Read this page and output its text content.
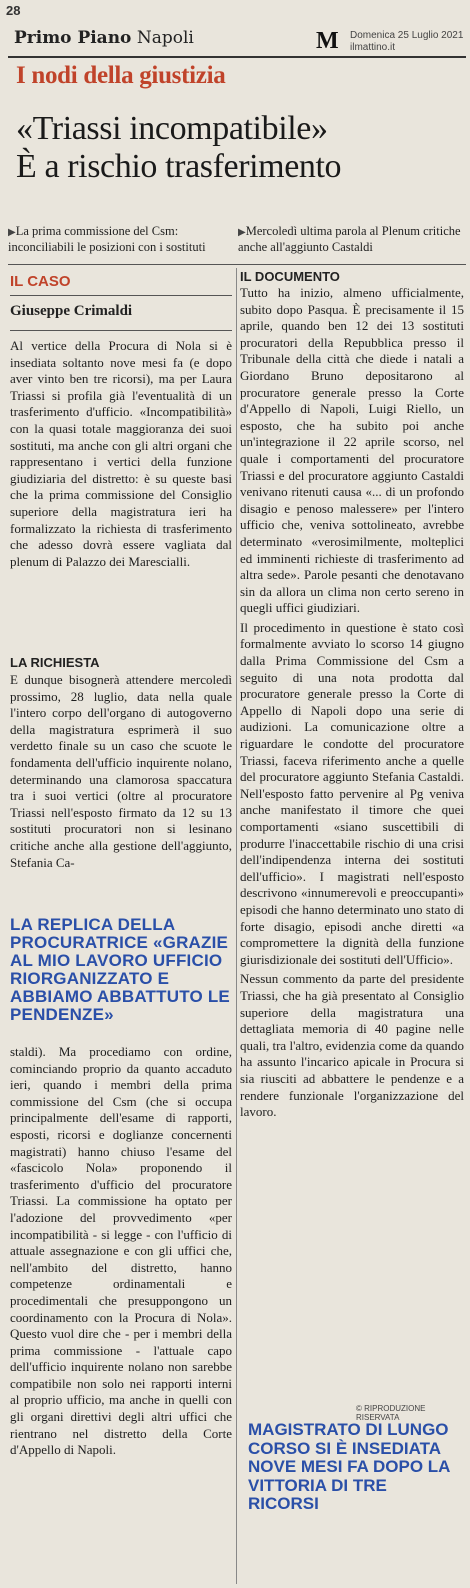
28
Primo Piano Napoli	M	Domenica 25 Luglio 2021
ilmattino.it
I nodi della giustizia
«Triassi incompatibile»
È a rischio trasferimento
▶La prima commissione del Csm: inconciliabili le posizioni con i sostituti
▶Mercoledì ultima parola al Plenum critiche anche all'aggiunto Castaldi
IL CASO
Giuseppe Crimaldi

Al vertice della Procura di Nola si è insediata soltanto nove mesi fa (e dopo aver vinto ben tre ricorsi), ma per Laura Triassi si profila già l'eventualità di un trasferimento d'ufficio. «Incompatibilità» con la quasi totale maggioranza dei suoi sostituti, ma anche con gli altri organi che rappresentano i vertici della funzione giudiziaria del distretto: è su queste basi che la prima commissione del Consiglio superiore della magistratura ieri ha formalizzato la richiesta di trasferimento che adesso dovrà essere vagliata dal plenum di Palazzo dei Marescialli.

LA RICHIESTA

E dunque bisognerà attendere mercoledì prossimo, 28 luglio, data nella quale l'intero corpo dell'organo di autogoverno della magistratura esprimerà il suo verdetto finale su un caso che scuote le fondamenta dell'ufficio inquirente nolano, determinando una clamorosa spaccatura tra i suoi vertici (oltre al procuratore Triassi nell'esposto firmato da 12 su 13 sostituti procuratori non si lesinano critiche anche alla gestione dell'aggiunto, Stefania Ca-

LA REPLICA DELLA PROCURATRICE «GRAZIE AL MIO LAVORO UFFICIO RIORGANIZZATO E ABBIAMO ABBATTUTO LE PENDENZE»

staldi). Ma procediamo con ordine, cominciando proprio da quanto accaduto ieri, quando i membri della prima commissione del Csm (che si occupa principalmente dell'esame di rapporti, esposti, ricorsi e doglianze concernenti magistrati) hanno chiuso l'esame del «fascicolo Nola» proponendo il trasferimento d'ufficio del procuratore Triassi. La commissione ha optato per l'adozione del provvedimento «per incompatibilità - si legge - con l'ufficio di attuale assegnazione e con gli uffici che, nell'ambito del distretto, hanno competenze ordinamentali e procedimentali che presuppongono un coordinamento con la Procura di Nola». Questo vuol dire che - per i membri della prima commissione - l'attuale capo dell'ufficio inquirente nolano non sarebbe compatibile non solo nei rapporti interni al proprio ufficio, ma anche in quelli con gli organi direttivi degli altri uffici che rientrano nel distretto della Corte d'Appello di Napoli.

IL DOCUMENTO

Tutto ha inizio, almeno ufficialmente, subito dopo Pasqua. È precisamente il 15 aprile, quando ben 12 dei 13 sostituti procuratori della Repubblica presso il Tribunale della città che diede i natali a Giordano Bruno depositarono al procuratore generale presso la Corte d'Appello di Napoli, Luigi Riello, un esposto, che ha subito poi anche un'integrazione il 22 aprile scorso, nel quale i comportamenti del procuratore Triassi e del procuratore aggiunto Castaldi venivano ritenuti causa «... di un profondo disagio e penoso malessere» per l'intero ufficio che, veniva sottolineato, avrebbe determinato «verosimilmente, molteplici ed imminenti richieste di trasferimento ad altra sede». Parole pesanti che denotavano sin da allora un clima non certo sereno in quegli uffici giudiziari.

Il procedimento in questione è stato così formalmente avviato lo scorso 14 giugno dalla Prima Commissione del Csm a seguito di una nota prodotta dal procuratore generale presso la Corte di Appello di Napoli dopo una serie di audizioni. La comunicazione oltre a riguardare le condotte del procuratore Triassi, faceva riferimento anche a quelle del procuratore aggiunto Stefania Castaldi. Nell'esposto fatto pervenire al Pg veniva anche manifestato il timore che quei comportamenti «siano suscettibili di produrre l'inaccettabile rischio di una crisi dell'indipendenza interna dei sostituti dell'ufficio». I magistrati nell'esposto descrivono «innumerevoli e preoccupanti» episodi che hanno determinato uno stato di forte disagio, episodi anche diretti «a compromettere la dignità della funzione giurisdizionale dei sostituti dell'Ufficio».

Nessun commento da parte del presidente Triassi, che ha già presentato al Consiglio superiore della magistratura una dettagliata memoria di 40 pagine nelle quali, tra l'altro, evidenzia come da quando ha assunto l'incarico apicale in Procura si sia riusciti ad abbattere le pendenze e a rendere funzionale l'organizzazione del lavoro.

© RIPRODUZIONE RISERVATA
MAGISTRATO DI LUNGO CORSO SI È INSEDIATA NOVE MESI FA DOPO LA VITTORIA DI TRE RICORSI
